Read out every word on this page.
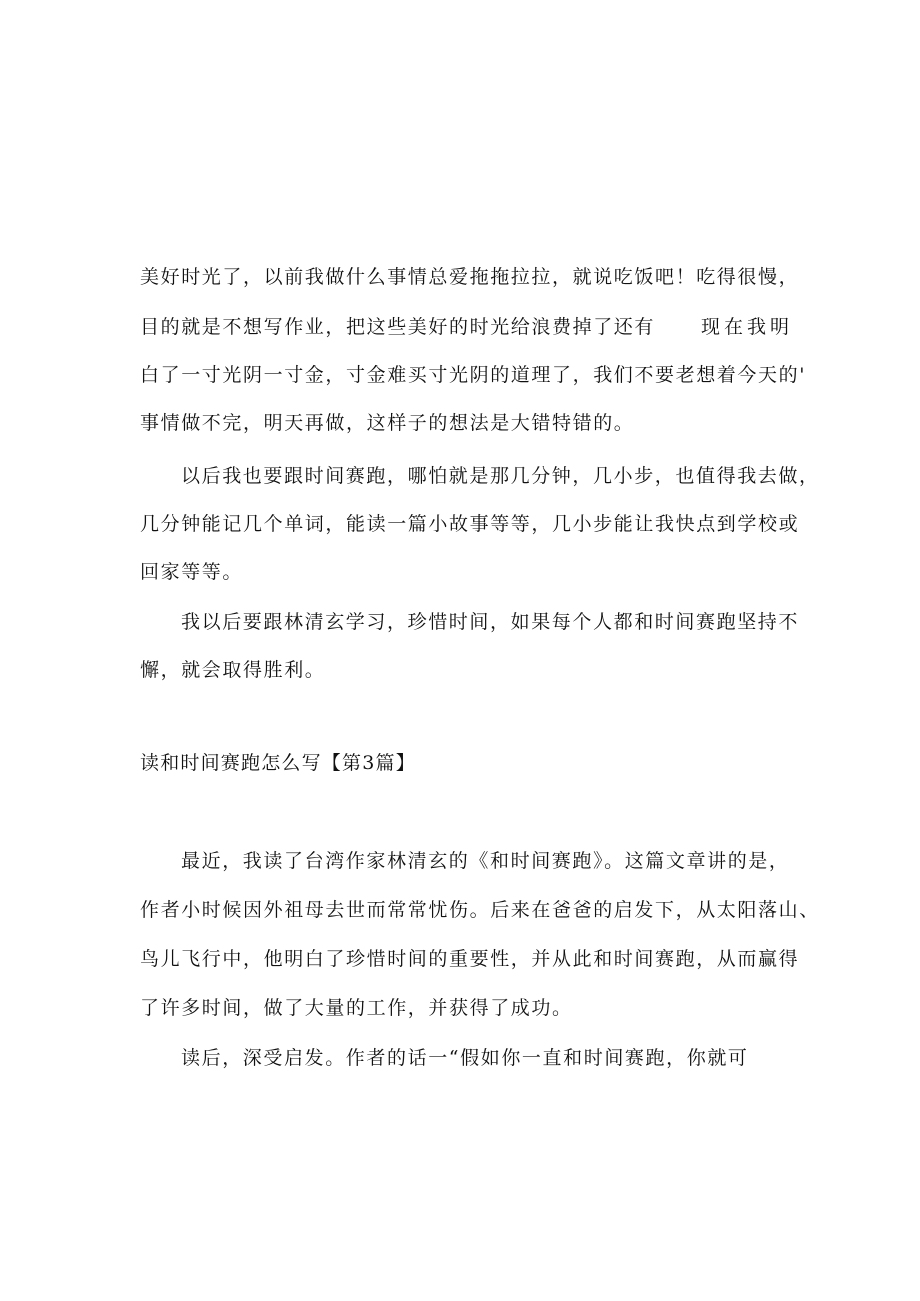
美好时光了，以前我做什么事情总爱拖拖拉拉，就说吃饭吧！吃得很慢，
目的就是不想写作业，把这些美好的时光给浪费掉了还有 现在我明
白了一寸光阴一寸金，寸金难买寸光阴的道理了，我们不要老想着今天的'
事情做不完，明天再做，这样子的想法是大错特错的。
以后我也要跟时间赛跑，哪怕就是那几分钟，几小步，也值得我去做，
几分钟能记几个单词，能读一篇小故事等等，几小步能让我快点到学校或
回家等等。
我以后要跟林清玄学习，珍惜时间，如果每个人都和时间赛跑坚持不
懈，就会取得胜利。
读和时间赛跑怎么写【第3篇】
最近，我读了台湾作家林清玄的《和时间赛跑》。这篇文章讲的是，
作者小时候因外祖母去世而常常忧伤。后来在爸爸的启发下，从太阳落山、
鸟儿飞行中，他明白了珍惜时间的重要性，并从此和时间赛跑，从而赢得
了许多时间，做了大量的工作，并获得了成功。
读后，深受启发。作者的话一“假如你一直和时间赛跑，你就可
